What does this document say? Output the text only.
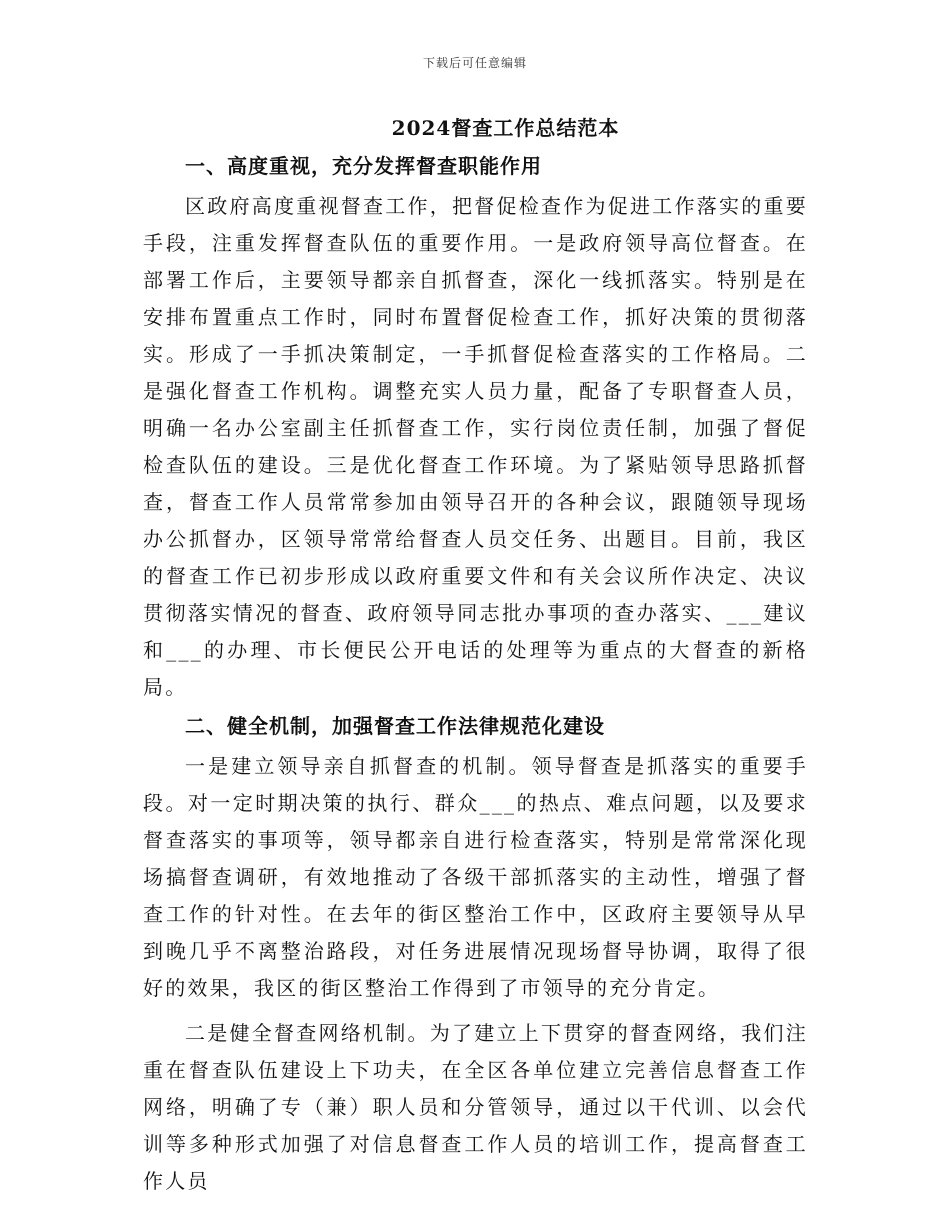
下载后可任意编辑
2024督查工作总结范本
一、高度重视，充分发挥督查职能作用

区政府高度重视督查工作，把督促检查作为促进工作落实的重要手段，注重发挥督查队伍的重要作用。一是政府领导高位督查。在部署工作后，主要领导都亲自抓督查，深化一线抓落实。特别是在安排布置重点工作时，同时布置督促检查工作，抓好决策的贯彻落实。形成了一手抓决策制定，一手抓督促检查落实的工作格局。二是强化督查工作机构。调整充实人员力量，配备了专职督查人员，明确一名办公室副主任抓督查工作，实行岗位责任制，加强了督促检查队伍的建设。三是优化督查工作环境。为了紧贴领导思路抓督查，督查工作人员常常参加由领导召开的各种会议，跟随领导现场办公抓督办，区领导常常给督查人员交任务、出题目。目前，我区的督查工作已初步形成以政府重要文件和有关会议所作决定、决议贯彻落实情况的督查、政府领导同志批办事项的查办落实、___建议和___的办理、市长便民公开电话的处理等为重点的大督查的新格局。

二、健全机制，加强督查工作法律规范化建设

一是建立领导亲自抓督查的机制。领导督查是抓落实的重要手段。对一定时期决策的执行、群众___的热点、难点问题，以及要求督查落实的事项等，领导都亲自进行检查落实，特别是常常深化现场搞督查调研，有效地推动了各级干部抓落实的主动性，增强了督查工作的针对性。在去年的街区整治工作中，区政府主要领导从早到晚几乎不离整治路段，对任务进展情况现场督导协调，取得了很好的效果，我区的街区整治工作得到了市领导的充分肯定。

二是健全督查网络机制。为了建立上下贯穿的督查网络，我们注重在督查队伍建设上下功夫，在全区各单位建立完善信息督查工作网络，明确了专（兼）职人员和分管领导，通过以干代训、以会代训等多种形式加强了对信息督查工作人员的培训工作，提高督查工作人员
